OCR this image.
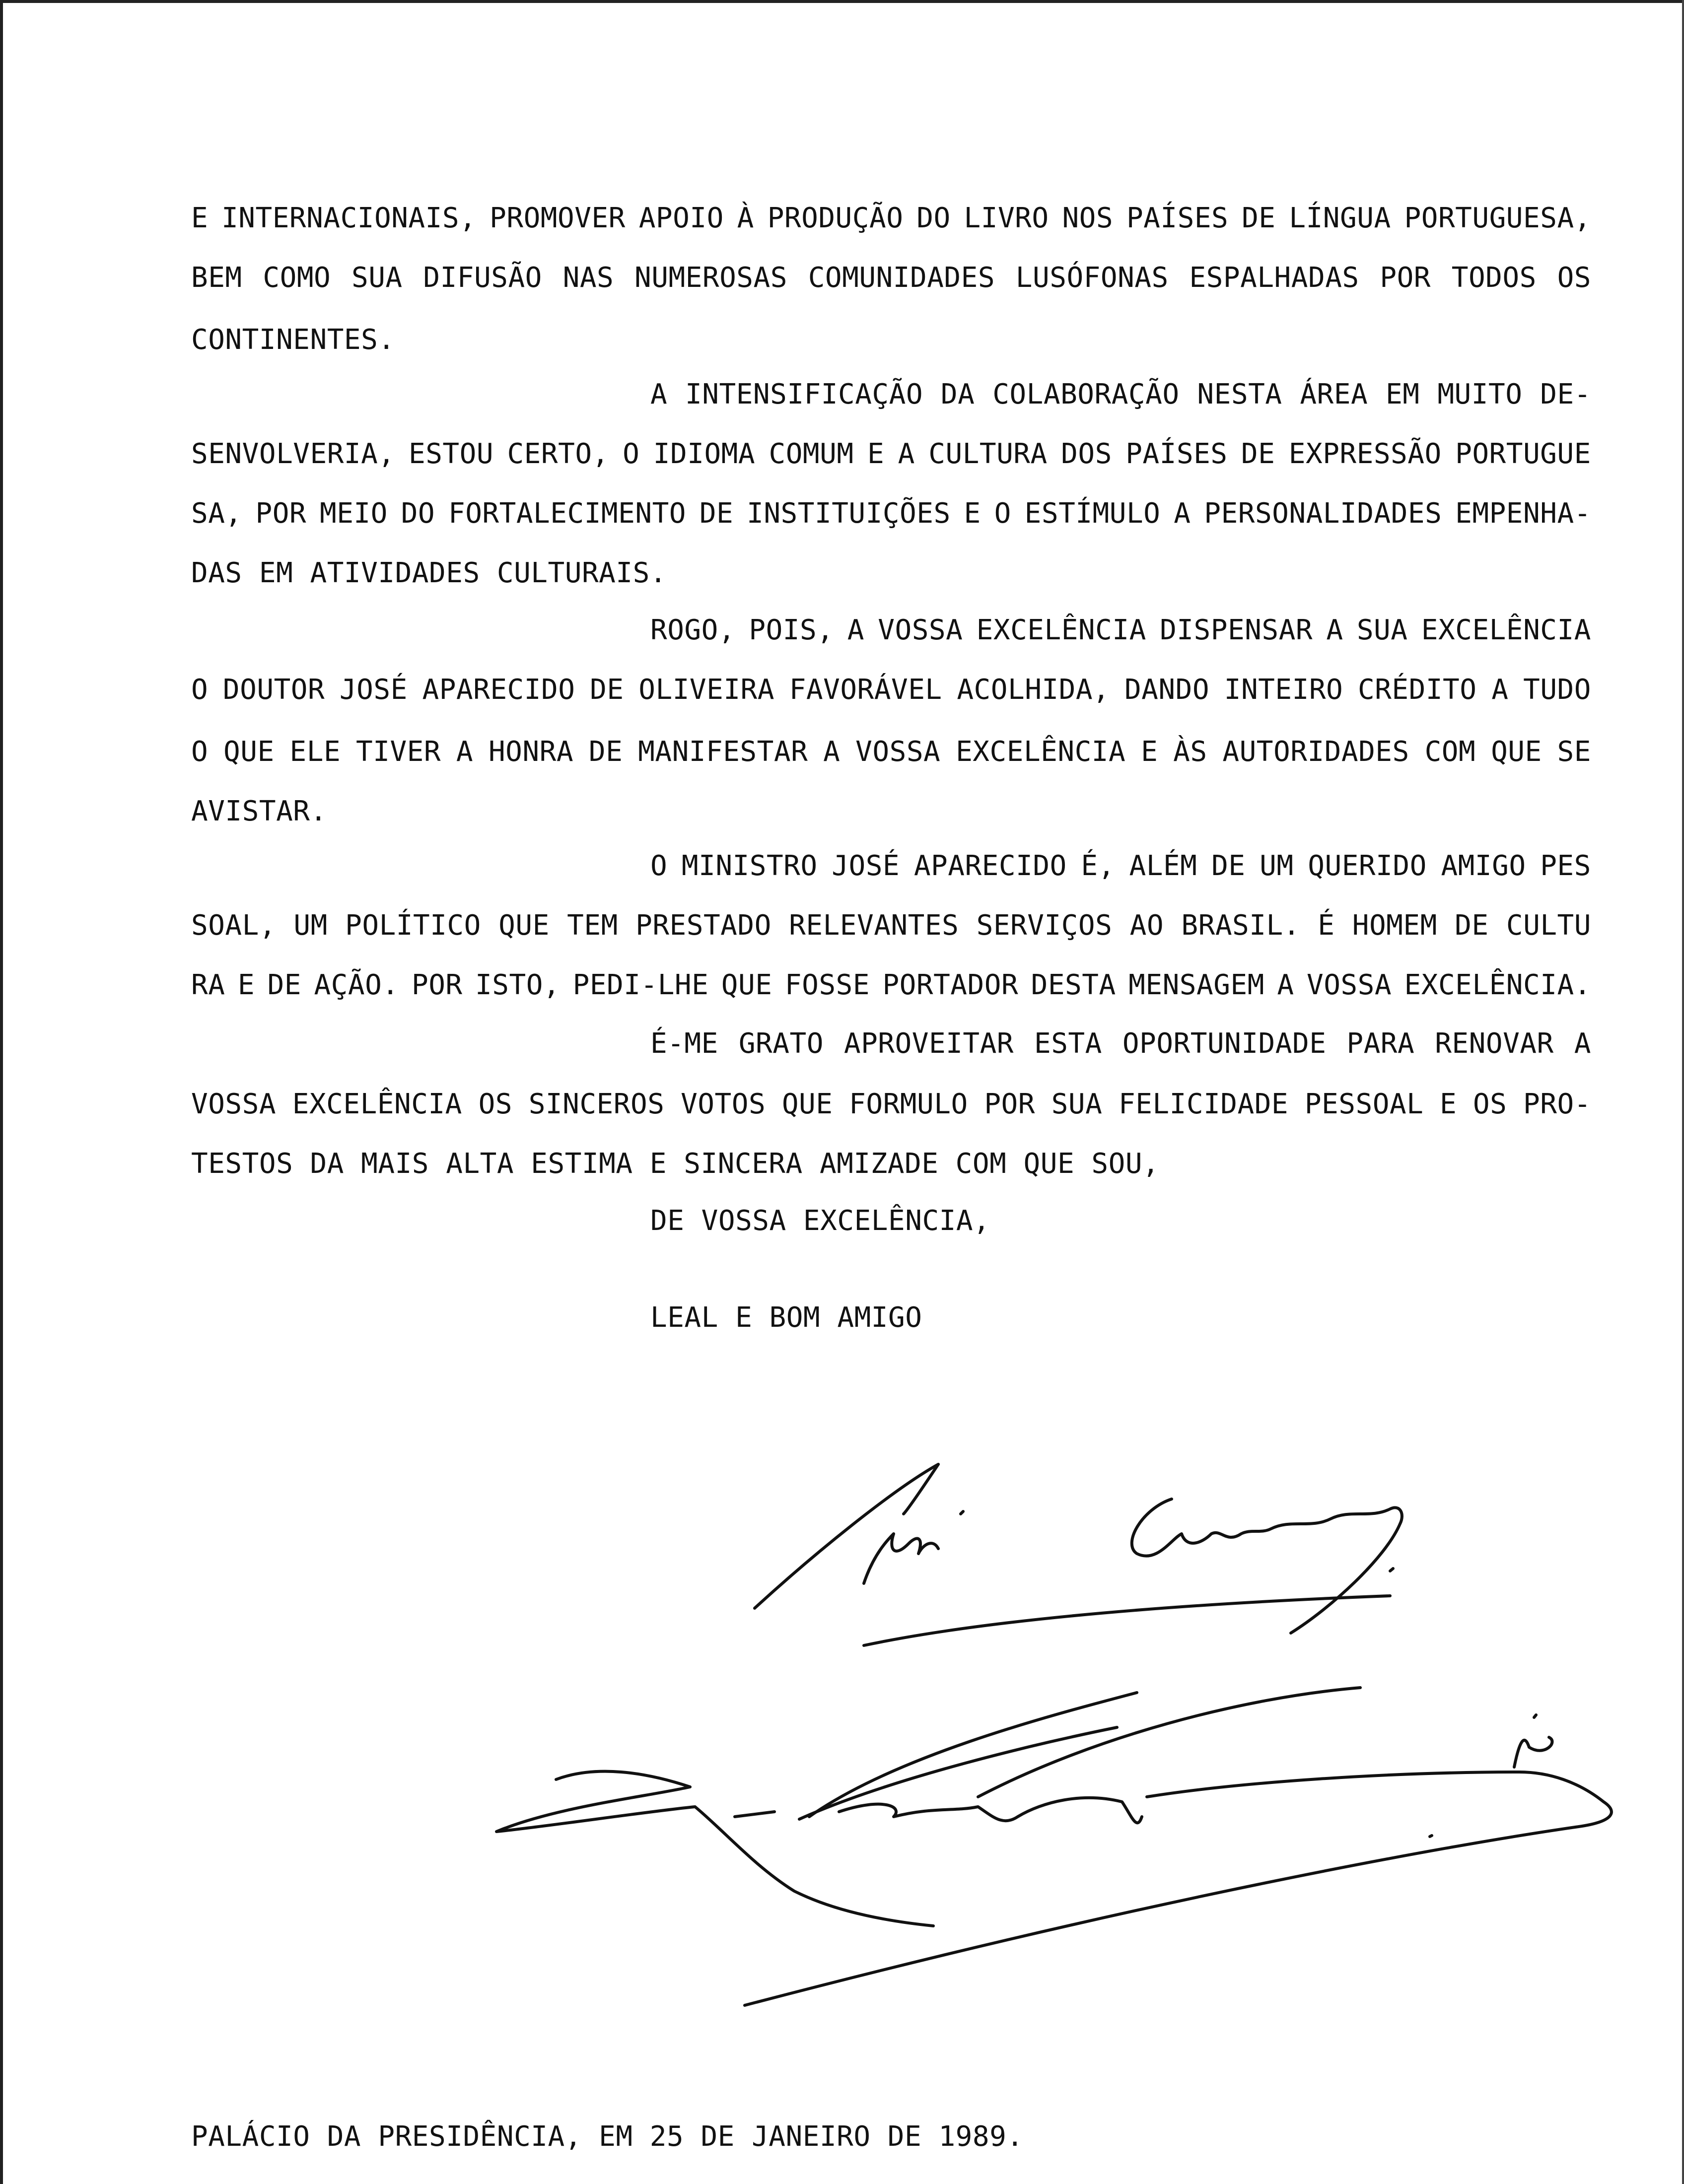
E INTERNACIONAIS, PROMOVER APOIO À PRODUÇÃO DO LIVRO NOS PAÍSES DE LÍNGUA PORTUGUESA,
BEM COMO SUA DIFUSÃO NAS NUMEROSAS COMUNIDADES LUSÓFONAS ESPALHADAS POR TODOS OS
CONTINENTES.
A INTENSIFICAÇÃO DA COLABORAÇÃO NESTA ÁREA EM MUITO DE-
SENVOLVERIA, ESTOU CERTO, O IDIOMA COMUM E A CULTURA DOS PAÍSES DE EXPRESSÃO PORTUGUE
SA, POR MEIO DO FORTALECIMENTO DE INSTITUIÇÕES E O ESTÍMULO A PERSONALIDADES EMPENHA-
DAS EM ATIVIDADES CULTURAIS.
ROGO, POIS, A VOSSA EXCELÊNCIA DISPENSAR A SUA EXCELÊNCIA
O DOUTOR JOSÉ APARECIDO DE OLIVEIRA FAVORÁVEL ACOLHIDA, DANDO INTEIRO CRÉDITO A TUDO
O QUE ELE TIVER A HONRA DE MANIFESTAR A VOSSA EXCELÊNCIA E ÀS AUTORIDADES COM QUE SE
AVISTAR.
O MINISTRO JOSÉ APARECIDO É, ALÉM DE UM QUERIDO AMIGO PES
SOAL, UM POLÍTICO QUE TEM PRESTADO RELEVANTES SERVIÇOS AO BRASIL. É HOMEM DE CULTU
RA E DE AÇÃO. POR ISTO, PEDI-LHE QUE FOSSE PORTADOR DESTA MENSAGEM A VOSSA EXCELÊNCIA.
É-ME GRATO APROVEITAR ESTA OPORTUNIDADE PARA RENOVAR A
VOSSA EXCELÊNCIA OS SINCEROS VOTOS QUE FORMULO POR SUA FELICIDADE PESSOAL E OS PRO-
TESTOS DA MAIS ALTA ESTIMA E SINCERA AMIZADE COM QUE SOU,
DE VOSSA EXCELÊNCIA,
LEAL E BOM AMIGO
PALÁCIO DA PRESIDÊNCIA, EM 25 DE JANEIRO DE 1989.
